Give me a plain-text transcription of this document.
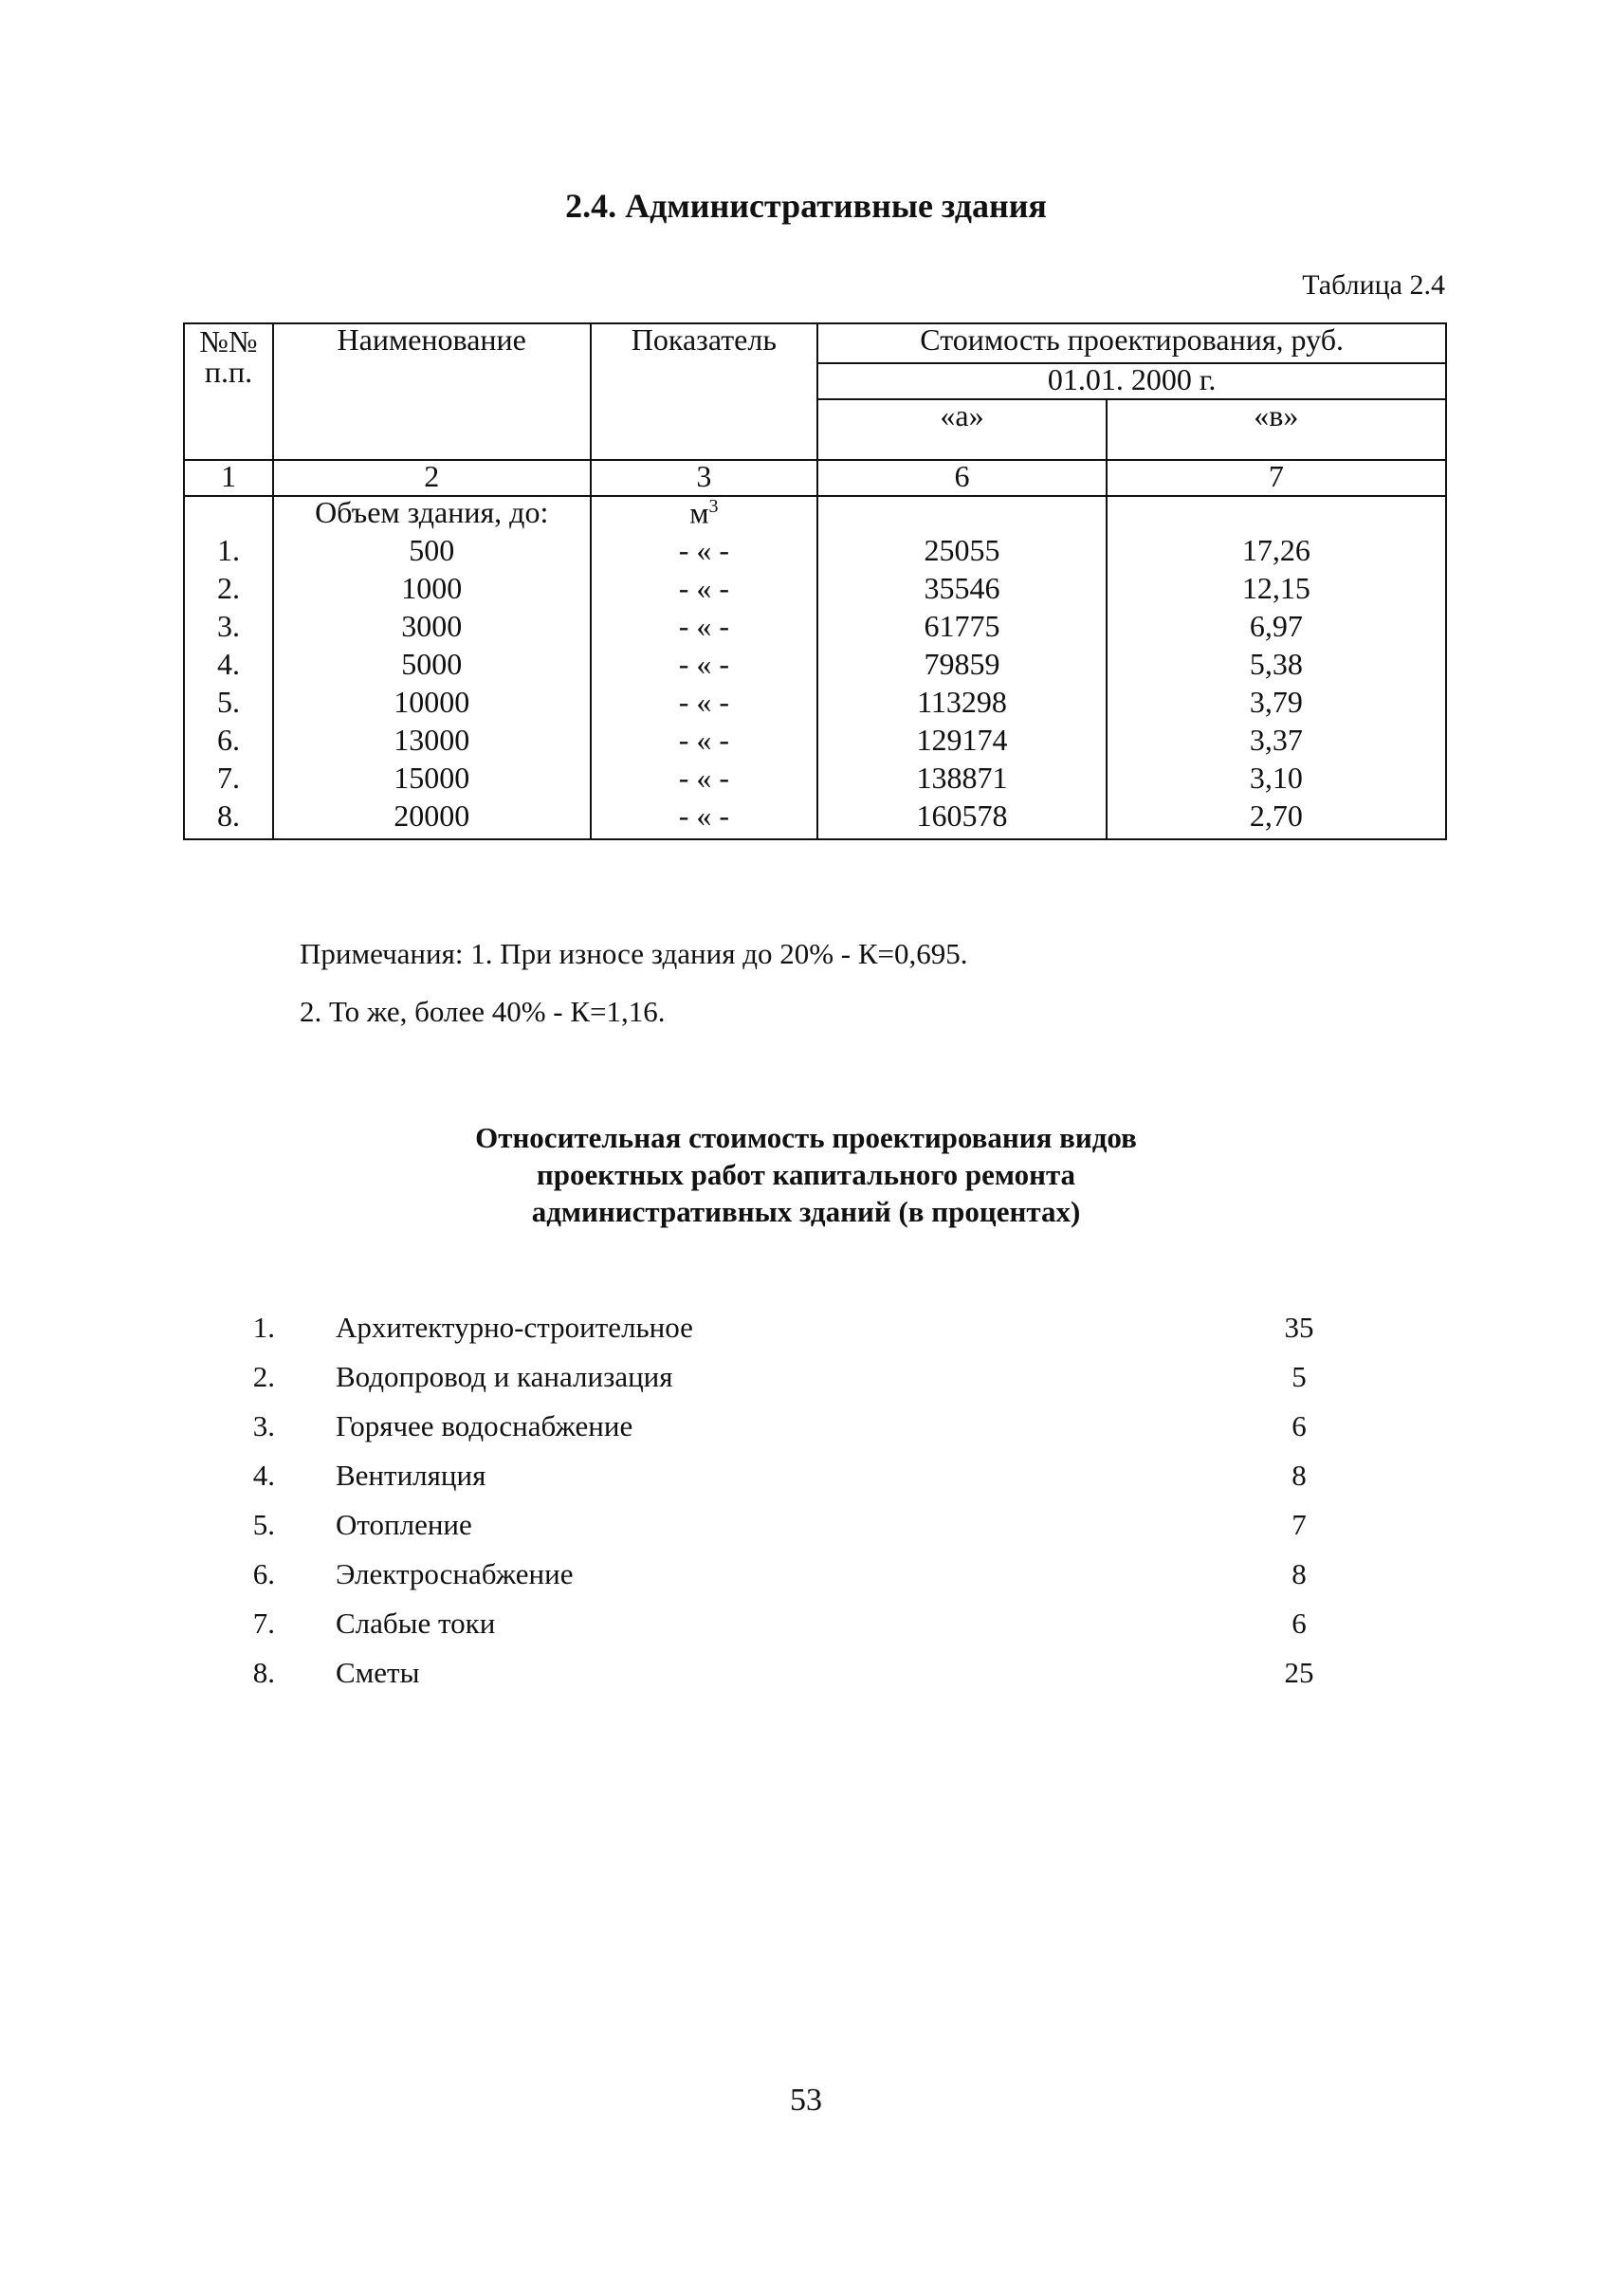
2.4. Административные здания
Таблица 2.4
№№ п.п.	Наименование	Показатель	Стоимость проектирования, руб.	
			01.01. 2000 г.	
			«а»	«в»
1	2	3	6	7
	Объем здания, до:	$м^3$		
1.	500	- « -	25055	17,26
2.	1000	- « -	35546	12,15
3.	3000	- « -	61775	6,97
4.	5000	- « -	79859	5,38
5.	10000	- « -	113298	3,79
6.	13000	- « -	129174	3,37
7.	15000	- « -	138871	3,10
8.	20000	- « -	160578	2,70
Примечания: 1. При износе здания до 20% - К=0,695.
2. То же, более 40% - К=1,16.
Относительная стоимость проектирования видов
проектных работ капитального ремонта
административных зданий (в процентах)
1. Архитектурно-строительное	35
2. Водопровод и канализация	5
3. Горячее водоснабжение	6
4. Вентиляция	8
5. Отопление	7
6. Электроснабжение	8
7. Слабые токи	6
8. Сметы	25
53
